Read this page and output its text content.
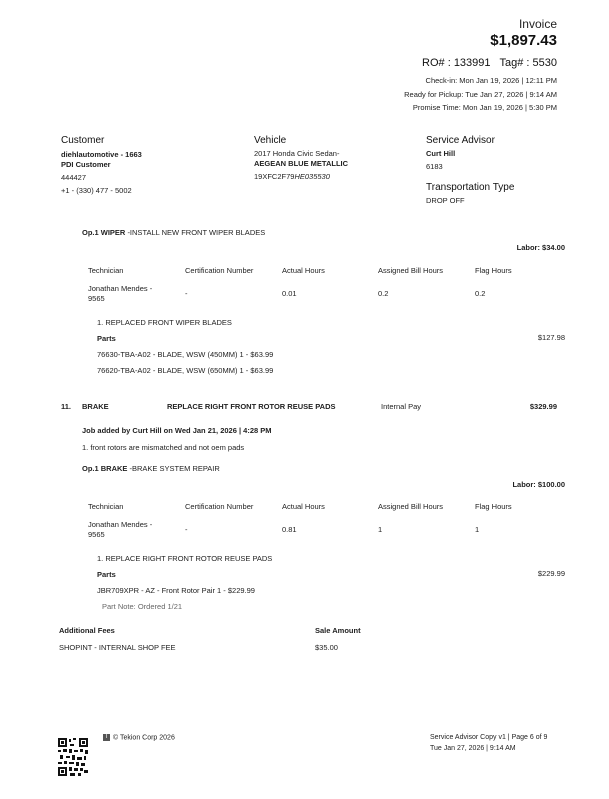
Invoice
$1,897.43
RO# : 133991   Tag# : 5530
Check-in: Mon Jan 19, 2026 | 12:11 PM
Ready for Pickup: Tue Jan 27, 2026 | 9:14 AM
Promise Time: Mon Jan 19, 2026 | 5:30 PM
Customer
diehlautomotive - 1663
PDI Customer
444427
+1 - (330) 477 - 5002
Vehicle
2017 Honda Civic Sedan-
AEGEAN BLUE METALLIC
19XFC2F79HE035530
Service Advisor
Curt Hill
6183
Transportation Type
DROP OFF
Op.1 WIPER -INSTALL NEW FRONT WIPER BLADES
Labor: $34.00
Technician	Certification Number	Actual Hours	Assigned Bill Hours	Flag Hours
Jonathan Mendes -
9565
-	0.01	0.2	0.2
1. REPLACED FRONT WIPER BLADES
Parts	$127.98
76630-TBA-A02 - BLADE, WSW (450MM) 1 - $63.99
76620-TBA-A02 - BLADE, WSW (650MM) 1 - $63.99
11. BRAKE	REPLACE RIGHT FRONT ROTOR REUSE PADS	Internal Pay	$329.99
Job added by Curt Hill on Wed Jan 21, 2026 | 4:28 PM
1. front rotors are mismatched and not oem pads
Op.1 BRAKE -BRAKE SYSTEM REPAIR
Labor: $100.00
Technician	Certification Number	Actual Hours	Assigned Bill Hours	Flag Hours
Jonathan Mendes -
9565
-	0.81	1	1
1. REPLACE RIGHT FRONT ROTOR REUSE PADS
Parts	$229.99
JBR709XPR - AZ - Front Rotor Pair 1 - $229.99
Part Note: Ordered 1/21
Additional Fees	Sale Amount
SHOPINT - INTERNAL SHOP FEE	$35.00
T © Tekion Corp 2026	Service Advisor Copy v1 | Page 6 of 9
Tue Jan 27, 2026 | 9:14 AM
